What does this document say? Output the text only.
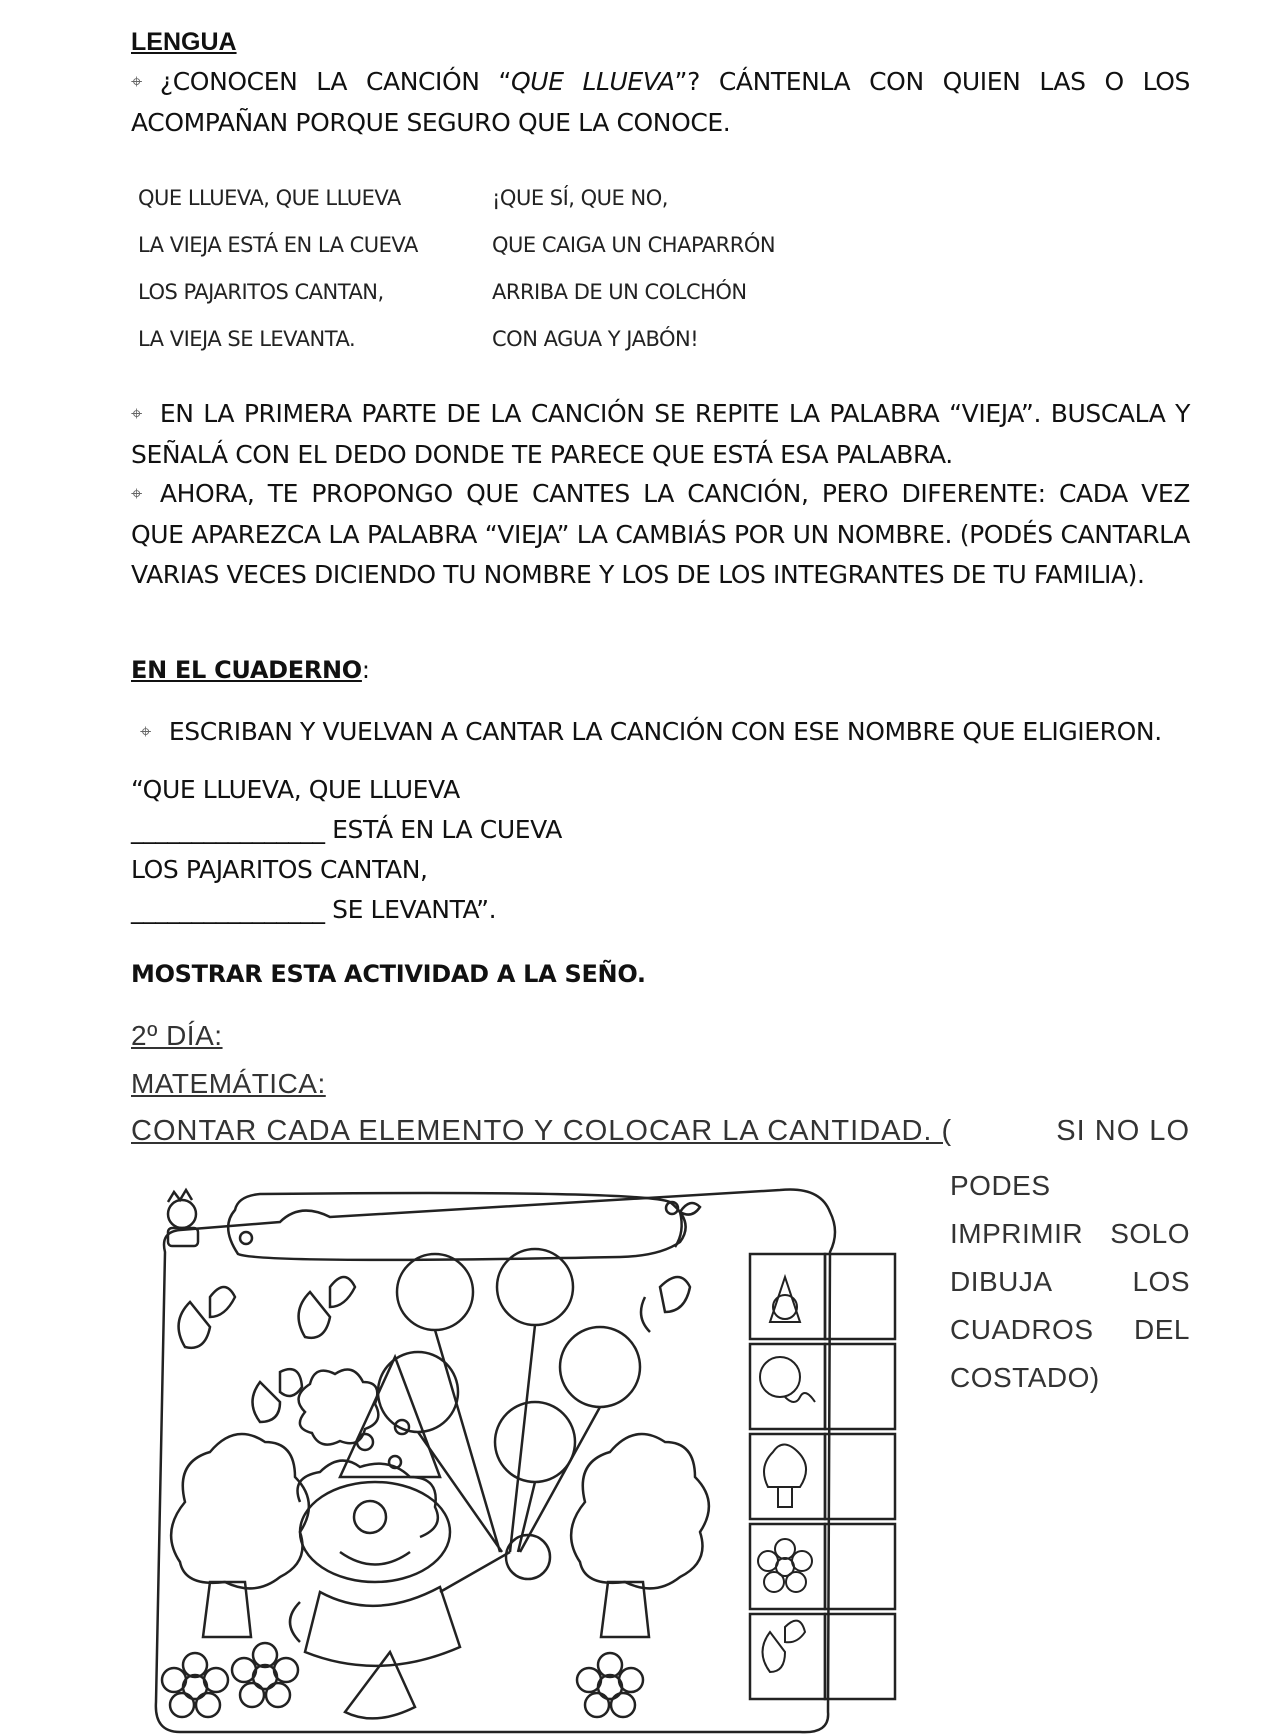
LENGUA
⌖ ¿CONOCEN LA CANCIÓN “QUE LLUEVA”? CÁNTENLA CON QUIEN LAS O LOS ACOMPAÑAN PORQUE SEGURO QUE LA CONOCE.
QUE LLUEVA, QUE LLUEVA
LA VIEJA ESTÁ EN LA CUEVA
LOS PAJARITOS CANTAN,
LA VIEJA SE LEVANTA.
¡QUE SÍ, QUE NO,
QUE CAIGA UN CHAPARRÓN
ARRIBA DE UN COLCHÓN
CON AGUA Y JABÓN!
⌖ EN LA PRIMERA PARTE DE LA CANCIÓN SE REPITE LA PALABRA “VIEJA”. BUSCALA Y SEÑALÁ CON EL DEDO DONDE TE PARECE QUE ESTÁ ESA PALABRA.
⌖ AHORA, TE PROPONGO QUE CANTES LA CANCIÓN, PERO DIFERENTE: CADA VEZ QUE APAREZCA LA PALABRA “VIEJA” LA CAMBIÁS POR UN NOMBRE. (PODÉS CANTARLA VARIAS VECES DICIENDO TU NOMBRE Y LOS DE LOS INTEGRANTES DE TU FAMILIA).
EN EL CUADERNO:
⌖ ESCRIBAN Y VUELVAN A CANTAR LA CANCIÓN CON ESE NOMBRE QUE ELIGIERON.
“QUE LLUEVA, QUE LLUEVA
________________ ESTÁ EN LA CUEVA
LOS PAJARITOS CANTAN,
________________ SE LEVANTA”.
MOSTRAR ESTA ACTIVIDAD A LA SEÑO.
2º DÍA:
MATEMÁTICA:
CONTAR CADA ELEMENTO Y COLOCAR LA CANTIDAD. (	SI NO LO
PODES
IMPRIMIR SOLO
DIBUJA	LOS
CUADROS DEL
COSTADO)
